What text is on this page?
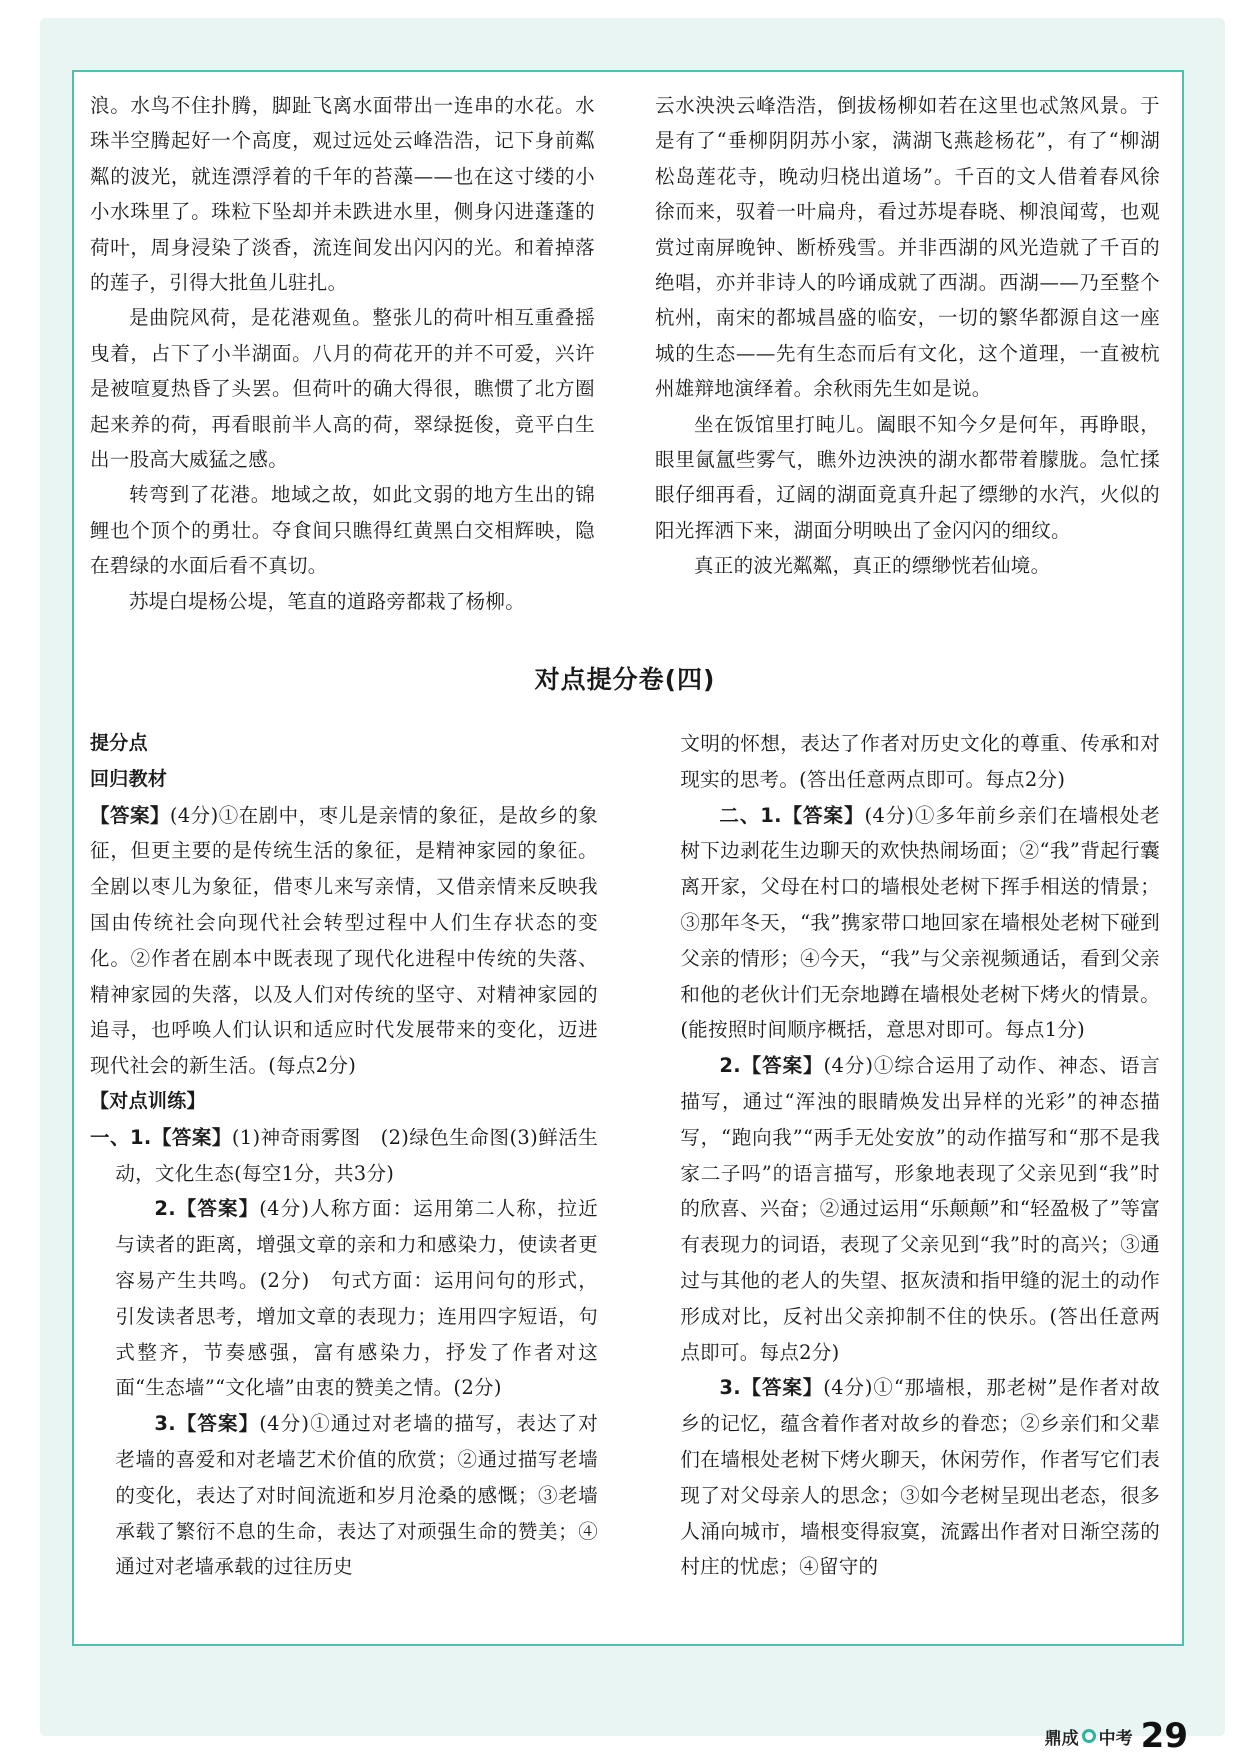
浪。水鸟不住扑腾，脚趾飞离水面带出一连串的水花。水珠半空腾起好一个高度，观过远处云峰浩浩，记下身前粼粼的波光，就连漂浮着的千年的苔藻——也在这寸缕的小小水珠里了。珠粒下坠却并未跌进水里，侧身闪进蓬蓬的荷叶，周身浸染了淡香，流连间发出闪闪的光。和着掉落的莲子，引得大批鱼儿驻扎。

是曲院风荷，是花港观鱼。整张儿的荷叶相互重叠摇曳着，占下了小半湖面。八月的荷花开的并不可爱，兴许是被喧夏热昏了头罢。但荷叶的确大得很，瞧惯了北方圈起来养的荷，再看眼前半人高的荷，翠绿挺俊，竟平白生出一股高大威猛之感。

转弯到了花港。地域之故，如此文弱的地方生出的锦鲤也个顶个的勇壮。夺食间只瞧得红黄黑白交相辉映，隐在碧绿的水面后看不真切。

苏堤白堤杨公堤，笔直的道路旁都栽了杨柳。

云水泱泱云峰浩浩，倒拔杨柳如若在这里也忒煞风景。于是有了“垂柳阴阴苏小家，满湖飞燕趁杨花”，有了“柳湖松岛莲花寺，晚动归桡出道场”。千百的文人借着春风徐徐而来，驭着一叶扁舟，看过苏堤春晓、柳浪闻莺，也观赏过南屏晚钟、断桥残雪。并非西湖的风光造就了千百的绝唱，亦并非诗人的吟诵成就了西湖。西湖——乃至整个杭州，南宋的都城昌盛的临安，一切的繁华都源自这一座城的生态——先有生态而后有文化，这个道理，一直被杭州雄辩地演绎着。余秋雨先生如是说。

坐在饭馆里打盹儿。阖眼不知今夕是何年，再睁眼，眼里氤氲些雾气，瞧外边泱泱的湖水都带着朦胧。急忙揉眼仔细再看，辽阔的湖面竟真升起了缥缈的水汽，火似的阳光挥洒下来，湖面分明映出了金闪闪的细纹。

真正的波光粼粼，真正的缥缈恍若仙境。

对点提分卷(四)
提分点
回归教材

【答案】(4分)①在剧中，枣儿是亲情的象征，是故乡的象征，但更主要的是传统生活的象征，是精神家园的象征。全剧以枣儿为象征，借枣儿来写亲情，又借亲情来反映我国由传统社会向现代社会转型过程中人们生存状态的变化。②作者在剧本中既表现了现代化进程中传统的失落、精神家园的失落，以及人们对传统的坚守、对精神家园的追寻，也呼唤人们认识和适应时代发展带来的变化，迈进现代社会的新生活。(每点2分)

【对点训练】

一、1.【答案】(1)神奇雨雾图　(2)绿色生命图(3)鲜活生动，文化生态(每空1分，共3分)

2.【答案】(4分)人称方面：运用第二人称，拉近与读者的距离，增强文章的亲和力和感染力，使读者更容易产生共鸣。(2分)　句式方面：运用问句的形式，引发读者思考，增加文章的表现力；连用四字短语，句式整齐，节奏感强，富有感染力，抒发了作者对这面“生态墙”“文化墙”由衷的赞美之情。(2分)

3.【答案】(4分)①通过对老墙的描写，表达了对老墙的喜爱和对老墙艺术价值的欣赏；②通过描写老墙的变化，表达了对时间流逝和岁月沧桑的感慨；③老墙承载了繁衍不息的生命，表达了对顽强生命的赞美；④通过对老墙承载的过往历史

文明的怀想，表达了作者对历史文化的尊重、传承和对现实的思考。(答出任意两点即可。每点2分)

二、1.【答案】(4分)①多年前乡亲们在墙根处老树下边剥花生边聊天的欢快热闹场面；②“我”背起行囊离开家，父母在村口的墙根处老树下挥手相送的情景；③那年冬天，“我”携家带口地回家在墙根处老树下碰到父亲的情形；④今天，“我”与父亲视频通话，看到父亲和他的老伙计们无奈地蹲在墙根处老树下烤火的情景。(能按照时间顺序概括，意思对即可。每点1分)

2.【答案】(4分)①综合运用了动作、神态、语言描写，通过“浑浊的眼睛焕发出异样的光彩”的神态描写，“跑向我”“两手无处安放”的动作描写和“那不是我家二子吗”的语言描写，形象地表现了父亲见到“我”时的欣喜、兴奋；②通过运用“乐颠颠”和“轻盈极了”等富有表现力的词语，表现了父亲见到“我”时的高兴；③通过与其他的老人的失望、抠灰渍和指甲缝的泥土的动作形成对比，反衬出父亲抑制不住的快乐。(答出任意两点即可。每点2分)

3.【答案】(4分)①“那墙根，那老树”是作者对故乡的记忆，蕴含着作者对故乡的眷恋；②乡亲们和父辈们在墙根处老树下烤火聊天，休闲劳作，作者写它们表现了对父母亲人的思念；③如今老树呈现出老态，很多人涌向城市，墙根变得寂寞，流露出作者对日渐空荡的村庄的忧虑；④留守的

鼎成 中考 29
